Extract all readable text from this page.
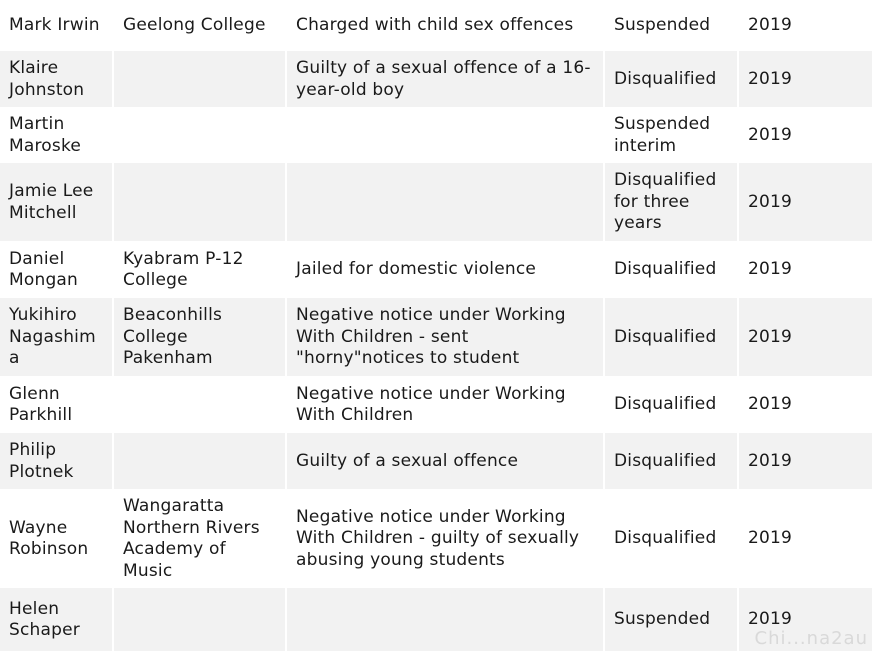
Mark Irwin	Geelong College	Charged with child sex offences	Suspended	2019
Klaire Johnston		Guilty of a sexual offence of a 16-year-old boy	Disqualified	2019
Martin Maroske			Suspended interim	2019
Jamie Lee Mitchell			Disqualified for three years	2019
Daniel Mongan	Kyabram P-12 College	Jailed for domestic violence	Disqualified	2019
Yukihiro Nagashima	Beaconhills College Pakenham	Negative notice under Working With Children - sent "horny"notices to student	Disqualified	2019
Glenn Parkhill		Negative notice under Working With Children	Disqualified	2019
Philip Plotnek		Guilty of a sexual offence	Disqualified	2019
Wayne Robinson	Wangaratta Northern Rivers Academy of Music	Negative notice under Working With Children - guilty of sexually abusing young students	Disqualified	2019
Helen Schaper			Suspended	2019
Chi...na2au
